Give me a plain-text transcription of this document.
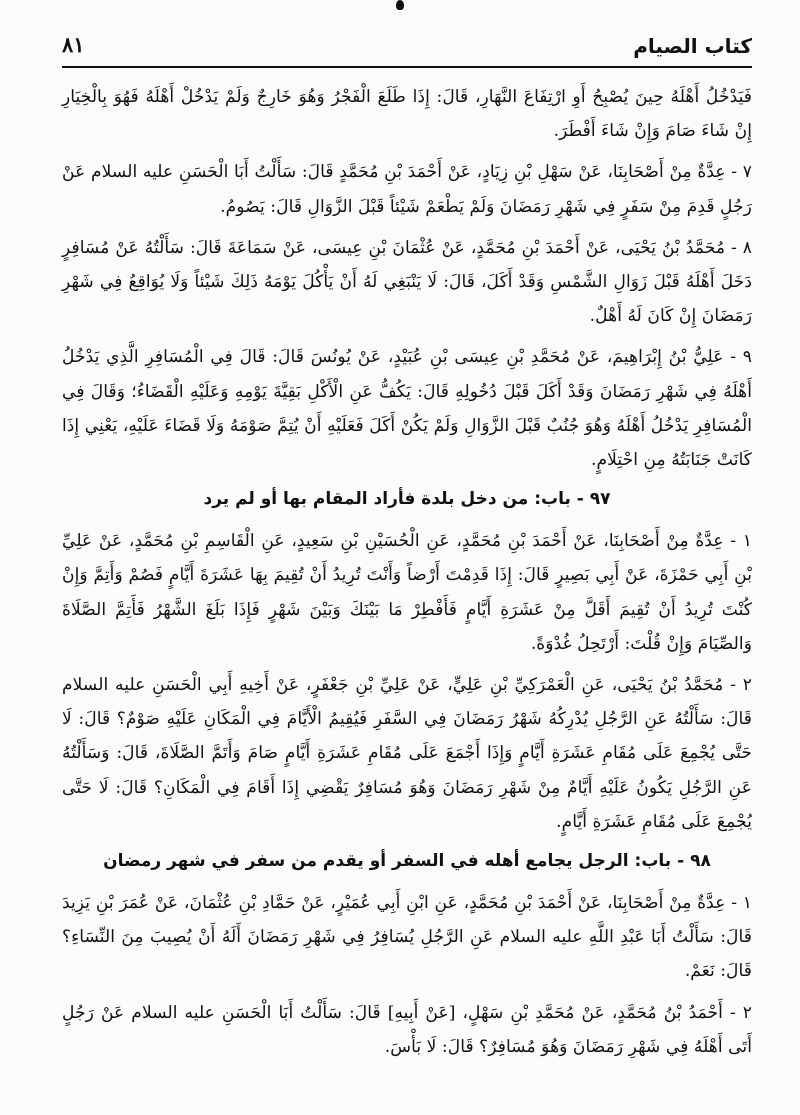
كتاب الصيام
٨١

فَيَدْخُلُ أَهْلَهُ حِينَ يُصْبِحُ أَوِ ارْتِفَاعَ النَّهَارِ، قَالَ: إِذَا طَلَعَ الْفَجْرُ وَهُوَ خَارِجٌ وَلَمْ يَدْخُلْ أَهْلَهُ فَهُوَ بِالْخِيَارِ إِنْ شَاءَ صَامَ وَإِنْ شَاءَ أَفْطَرَ.

٧ - عِدَّةٌ مِنْ أَصْحَابِنَا، عَنْ سَهْلِ بْنِ زِيَادٍ، عَنْ أَحْمَدَ بْنِ مُحَمَّدٍ قَالَ: سَأَلْتُ أَبَا الْحَسَنِ عليه السلام عَنْ رَجُلٍ قَدِمَ مِنْ سَفَرٍ فِي شَهْرِ رَمَضَانَ وَلَمْ يَطْعَمْ شَيْئاً قَبْلَ الزَّوَالِ قَالَ: يَصُومُ.

٨ - مُحَمَّدُ بْنُ يَحْيَى، عَنْ أَحْمَدَ بْنِ مُحَمَّدٍ، عَنْ عُثْمَانَ بْنِ عِيسَى، عَنْ سَمَاعَةَ قَالَ: سَأَلْتُهُ عَنْ مُسَافِرٍ دَخَلَ أَهْلَهُ قَبْلَ زَوَالِ الشَّمْسِ وَقَدْ أَكَلَ، قَالَ: لَا يَنْبَغِي لَهُ أَنْ يَأْكُلَ يَوْمَهُ ذَلِكَ شَيْئاً وَلَا يُوَاقِعُ فِي شَهْرِ رَمَضَانَ إِنْ كَانَ لَهُ أَهْلٌ.

٩ - عَلِيُّ بْنُ إِبْرَاهِيمَ، عَنْ مُحَمَّدِ بْنِ عِيسَى بْنِ عُبَيْدٍ، عَنْ يُونُسَ قَالَ: قَالَ فِي الْمُسَافِرِ الَّذِي يَدْخُلُ أَهْلَهُ فِي شَهْرِ رَمَضَانَ وَقَدْ أَكَلَ قَبْلَ دُخُولِهِ قَالَ: يَكُفُّ عَنِ الْأَكْلِ بَقِيَّةَ يَوْمِهِ وَعَلَيْهِ الْقَضَاءُ؛ وَقَالَ فِي الْمُسَافِرِ يَدْخُلُ أَهْلَهُ وَهُوَ جُنُبٌ قَبْلَ الزَّوَالِ وَلَمْ يَكُنْ أَكَلَ فَعَلَيْهِ أَنْ يُتِمَّ صَوْمَهُ وَلَا قَضَاءَ عَلَيْهِ، يَعْنِي إِذَا كَانَتْ جَنَابَتُهُ مِنِ احْتِلَامٍ.

٩٧ - باب: من دخل بلدة فأراد المقام بها أو لم يرد

١ - عِدَّةٌ مِنْ أَصْحَابِنَا، عَنْ أَحْمَدَ بْنِ مُحَمَّدٍ، عَنِ الْحُسَيْنِ بْنِ سَعِيدٍ، عَنِ الْقَاسِمِ بْنِ مُحَمَّدٍ، عَنْ عَلِيِّ بْنِ أَبِي حَمْزَةَ، عَنْ أَبِي بَصِيرٍ قَالَ: إِذَا قَدِمْتَ أَرْضاً وَأَنْتَ تُرِيدُ أَنْ تُقِيمَ بِهَا عَشَرَةَ أَيَّامٍ فَصُمْ وَأَتِمَّ وَإِنْ كُنْتَ تُرِيدُ أَنْ تُقِيمَ أَقَلَّ مِنْ عَشَرَةِ أَيَّامٍ فَأَفْطِرْ مَا بَيْنَكَ وَبَيْنَ شَهْرٍ فَإِذَا بَلَغَ الشَّهْرُ فَأَتِمَّ الصَّلَاةَ وَالصِّيَامَ وَإِنْ قُلْتَ: أَرْتَحِلُ غُدْوَةً.

٢ - مُحَمَّدُ بْنُ يَحْيَى، عَنِ الْعَمْرَكِيِّ بْنِ عَلِيٍّ، عَنْ عَلِيِّ بْنِ جَعْفَرٍ، عَنْ أَخِيهِ أَبِي الْحَسَنِ عليه السلام قَالَ: سَأَلْتُهُ عَنِ الرَّجُلِ يُدْرِكُهُ شَهْرُ رَمَضَانَ فِي السَّفَرِ فَيُقِيمُ الْأَيَّامَ فِي الْمَكَانِ عَلَيْهِ صَوْمٌ؟ قَالَ: لَا حَتَّى يُجْمِعَ عَلَى مُقَامِ عَشَرَةِ أَيَّامٍ وَإِذَا أَجْمَعَ عَلَى مُقَامِ عَشَرَةِ أَيَّامٍ صَامَ وَأَتَمَّ الصَّلَاةَ، قَالَ: وَسَأَلْتُهُ عَنِ الرَّجُلِ يَكُونُ عَلَيْهِ أَيَّامٌ مِنْ شَهْرِ رَمَضَانَ وَهُوَ مُسَافِرٌ يَقْضِي إِذَا أَقَامَ فِي الْمَكَانِ؟ قَالَ: لَا حَتَّى يُجْمِعَ عَلَى مُقَامِ عَشَرَةِ أَيَّامٍ.

٩٨ - باب: الرجل يجامع أهله في السفر أو يقدم من سفر في شهر رمضان

١ - عِدَّةٌ مِنْ أَصْحَابِنَا، عَنْ أَحْمَدَ بْنِ مُحَمَّدٍ، عَنِ ابْنِ أَبِي عُمَيْرٍ، عَنْ حَمَّادِ بْنِ عُثْمَانَ، عَنْ عُمَرَ بْنِ يَزِيدَ قَالَ: سَأَلْتُ أَبَا عَبْدِ اللَّهِ عليه السلام عَنِ الرَّجُلِ يُسَافِرُ فِي شَهْرِ رَمَضَانَ أَلَهُ أَنْ يُصِيبَ مِنَ النِّسَاءِ؟ قَالَ: نَعَمْ.

٢ - أَحْمَدُ بْنُ مُحَمَّدٍ، عَنْ مُحَمَّدِ بْنِ سَهْلٍ، [عَنْ أَبِيهِ] قَالَ: سَأَلْتُ أَبَا الْحَسَنِ عليه السلام عَنْ رَجُلٍ أَتَى أَهْلَهُ فِي شَهْرِ رَمَضَانَ وَهُوَ مُسَافِرٌ؟ قَالَ: لَا بَأْسَ.
